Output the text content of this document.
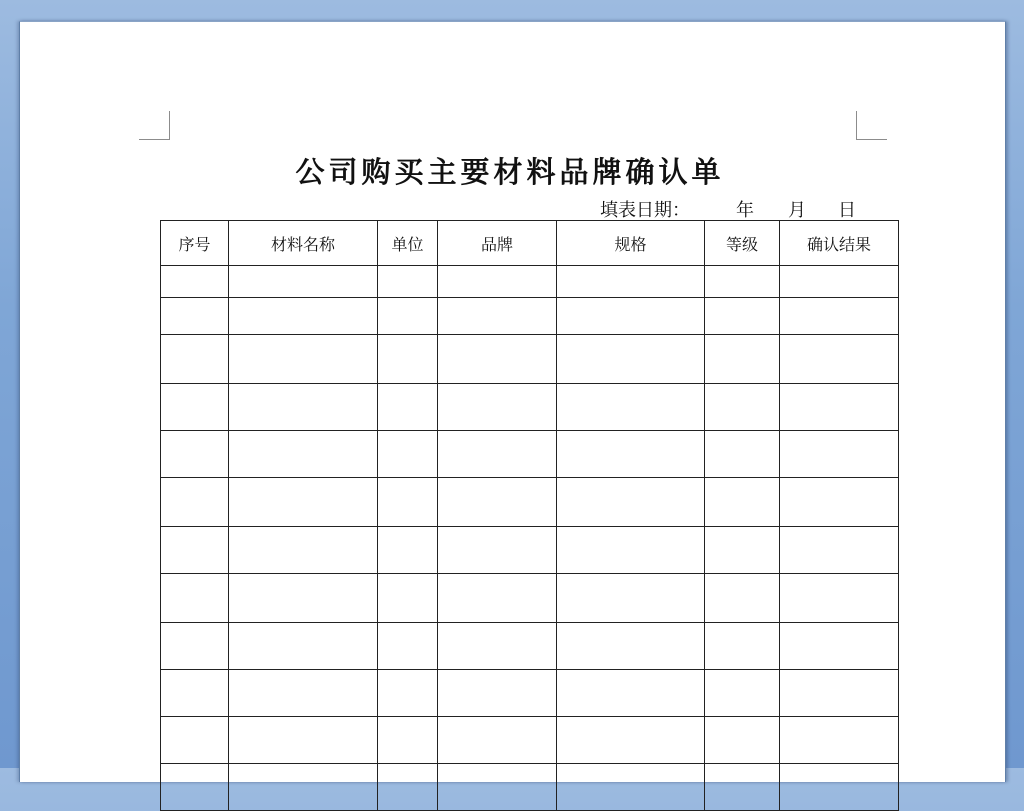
公司购买主要材料品牌确认单
填表日期：	年 月 日
序号	材料名称	单位	品牌	规格	等级	确认结果
